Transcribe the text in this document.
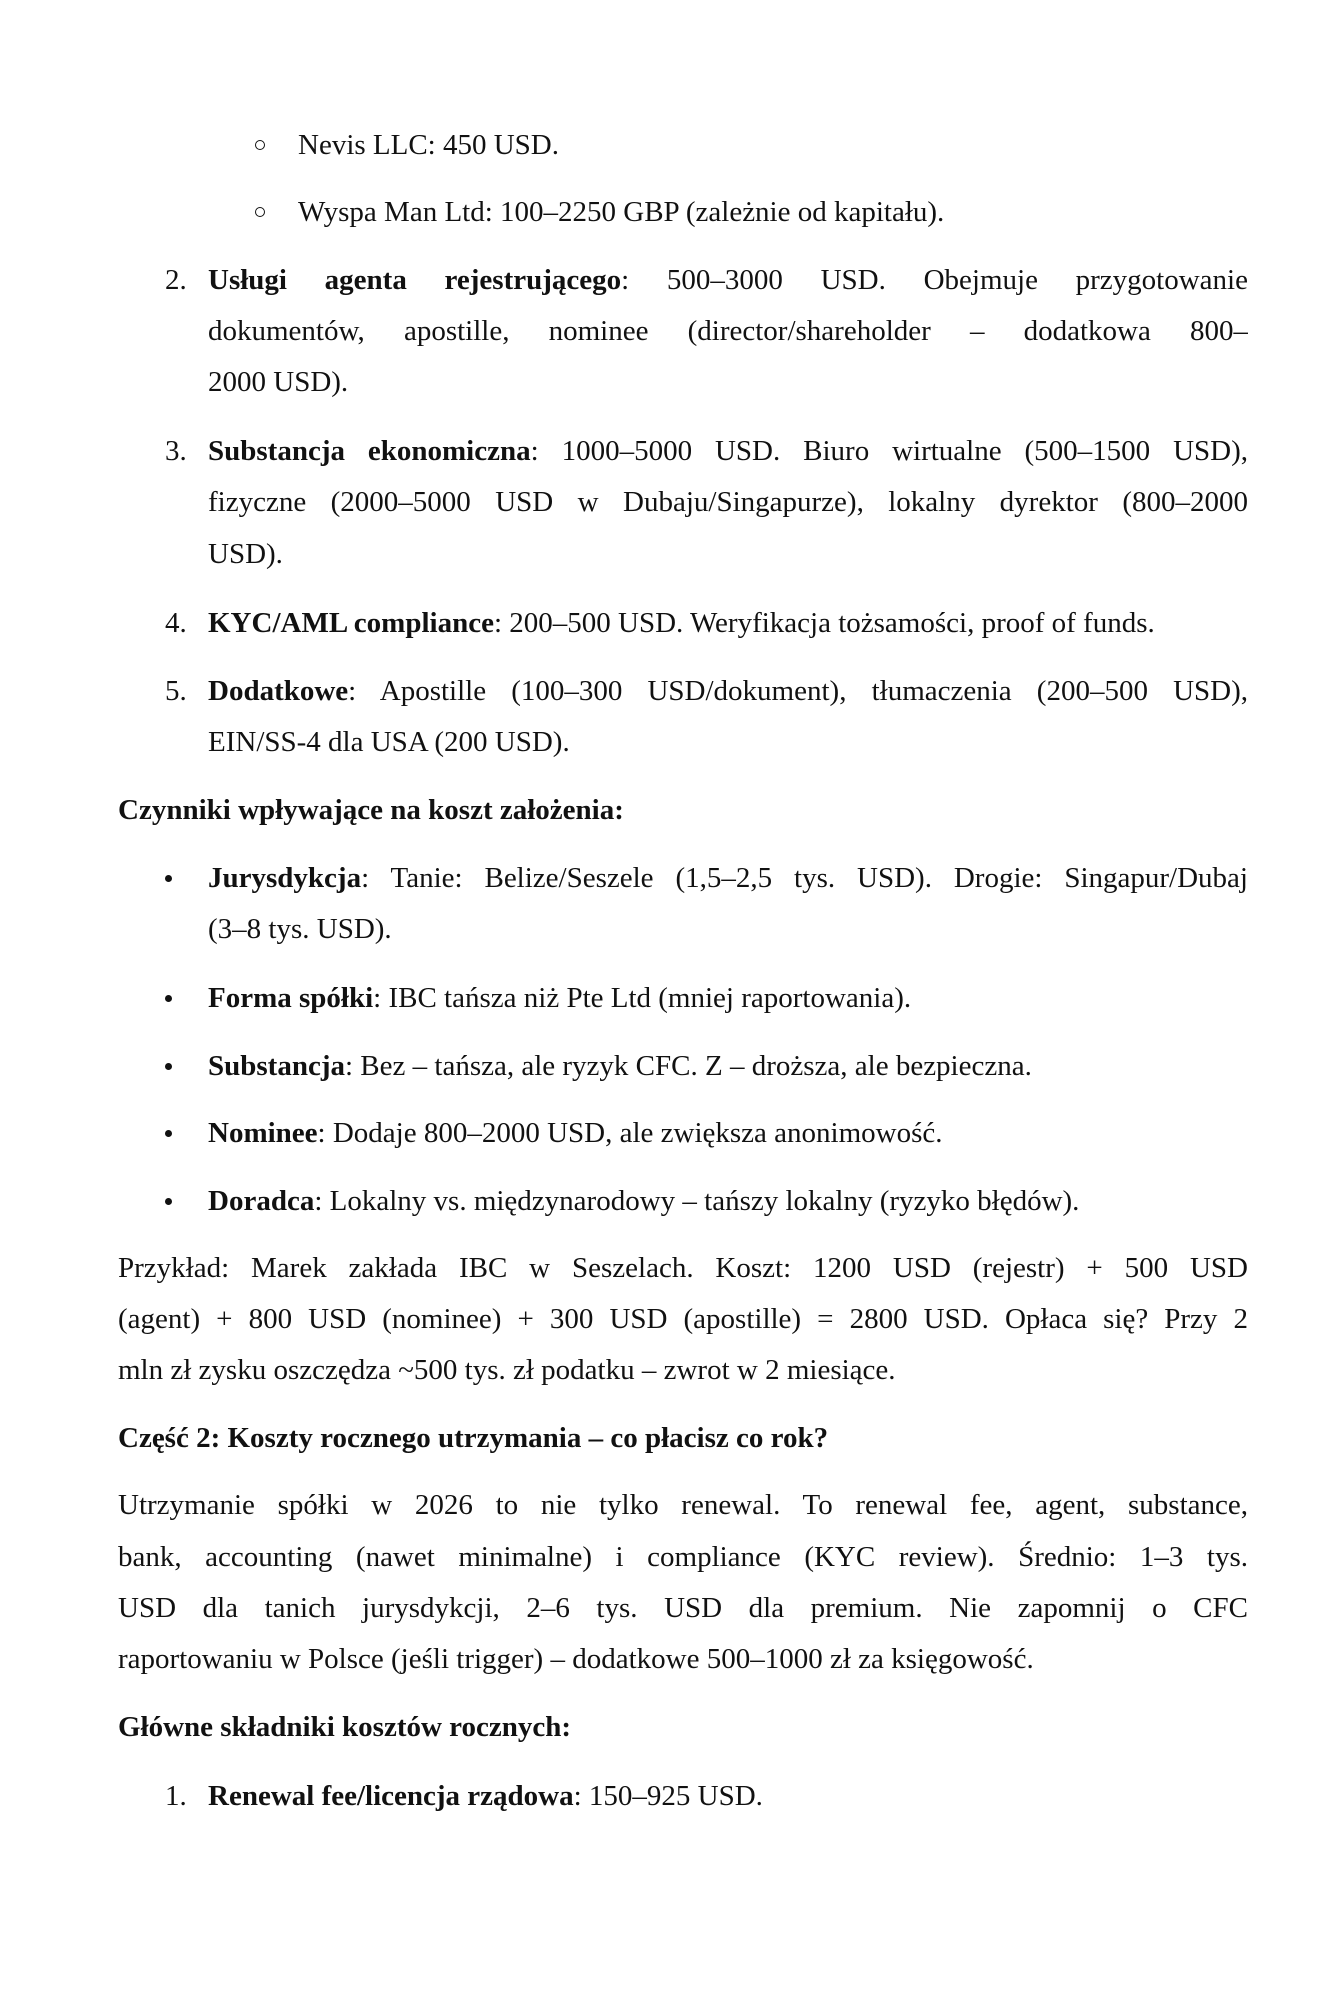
Nevis LLC: 450 USD.
Wyspa Man Ltd: 100–2250 GBP (zależnie od kapitału).
2. Usługi agenta rejestrującego: 500–3000 USD. Obejmuje przygotowanie
dokumentów, apostille, nominee (director/shareholder – dodatkowa 800–
2000 USD).
3. Substancja ekonomiczna: 1000–5000 USD. Biuro wirtualne (500–1500 USD),
fizyczne (2000–5000 USD w Dubaju/Singapurze), lokalny dyrektor (800–2000
USD).
4. KYC/AML compliance: 200–500 USD. Weryfikacja tożsamości, proof of funds.
5. Dodatkowe: Apostille (100–300 USD/dokument), tłumaczenia (200–500 USD),
EIN/SS-4 dla USA (200 USD).
Czynniki wpływające na koszt założenia:
Jurysdykcja: Tanie: Belize/Seszele (1,5–2,5 tys. USD). Drogie: Singapur/Dubaj
(3–8 tys. USD).
Forma spółki: IBC tańsza niż Pte Ltd (mniej raportowania).
Substancja: Bez – tańsza, ale ryzyk CFC. Z – droższa, ale bezpieczna.
Nominee: Dodaje 800–2000 USD, ale zwiększa anonimowość.
Doradca: Lokalny vs. międzynarodowy – tańszy lokalny (ryzyko błędów).
Przykład: Marek zakłada IBC w Seszelach. Koszt: 1200 USD (rejestr) + 500 USD
(agent) + 800 USD (nominee) + 300 USD (apostille) = 2800 USD. Opłaca się? Przy 2
mln zł zysku oszczędza ~500 tys. zł podatku – zwrot w 2 miesiące.
Część 2: Koszty rocznego utrzymania – co płacisz co rok?
Utrzymanie spółki w 2026 to nie tylko renewal. To renewal fee, agent, substance,
bank, accounting (nawet minimalne) i compliance (KYC review). Średnio: 1–3 tys.
USD dla tanich jurysdykcji, 2–6 tys. USD dla premium. Nie zapomnij o CFC
raportowaniu w Polsce (jeśli trigger) – dodatkowe 500–1000 zł za księgowość.
Główne składniki kosztów rocznych:
1. Renewal fee/licencja rządowa: 150–925 USD.
